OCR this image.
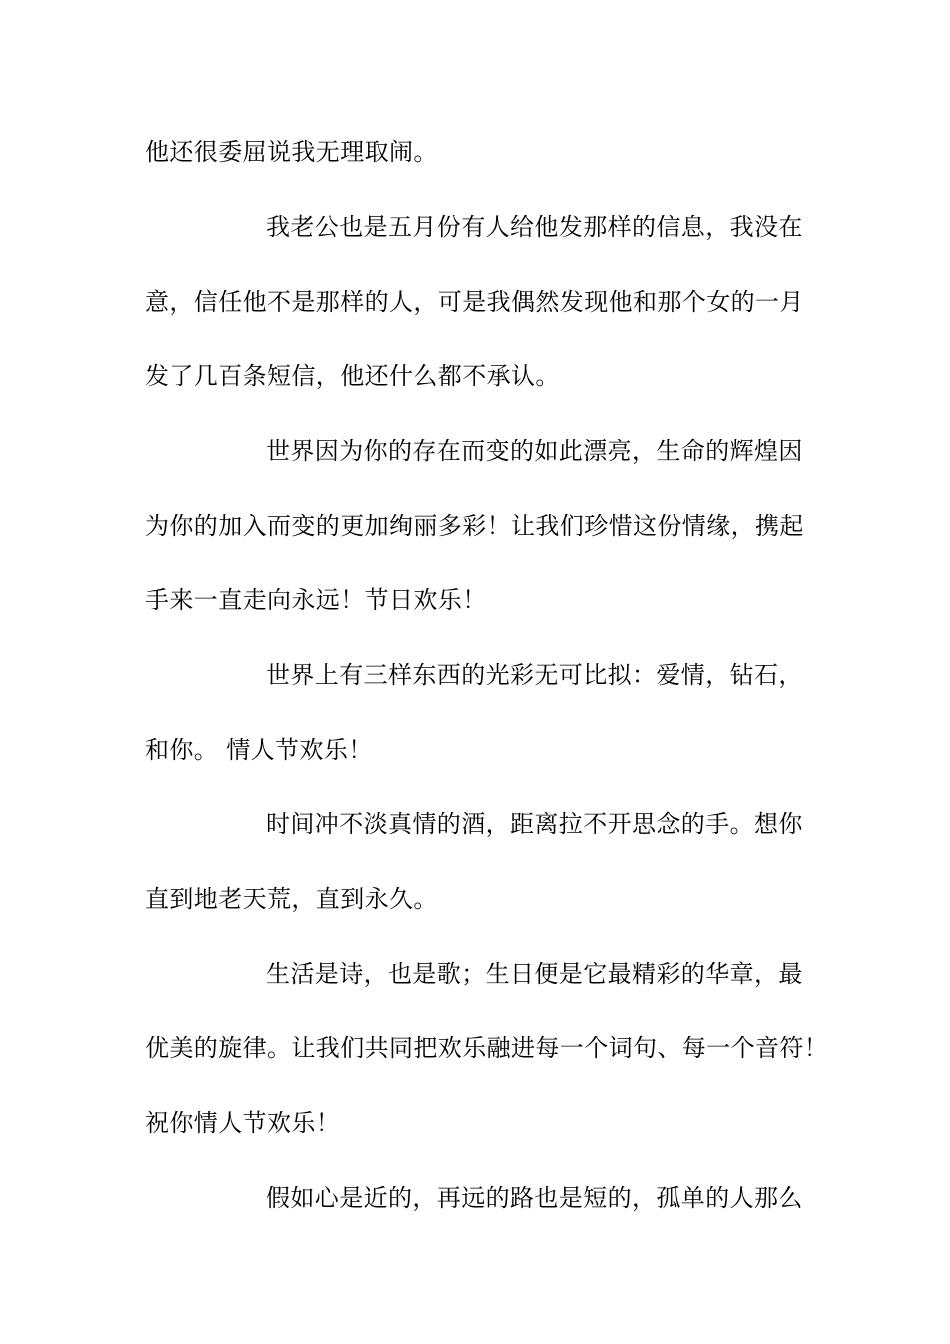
他还很委屈说我无理取闹。

我老公也是五月份有人给他发那样的信息，我没在

意，信任他不是那样的人，可是我偶然发现他和那个女的一月

发了几百条短信，他还什么都不承认。

世界因为你的存在而变的如此漂亮，生命的辉煌因

为你的加入而变的更加绚丽多彩！让我们珍惜这份情缘，携起

手来一直走向永远！节日欢乐！

世界上有三样东西的光彩无可比拟：爱情，钻石，

和你。 情人节欢乐！

时间冲不淡真情的酒，距离拉不开思念的手。想你

直到地老天荒，直到永久。

生活是诗，也是歌；生日便是它最精彩的华章，最

优美的旋律。让我们共同把欢乐融进每一个词句、每一个音符！

祝你情人节欢乐！

假如心是近的，再远的路也是短的，孤单的人那么
